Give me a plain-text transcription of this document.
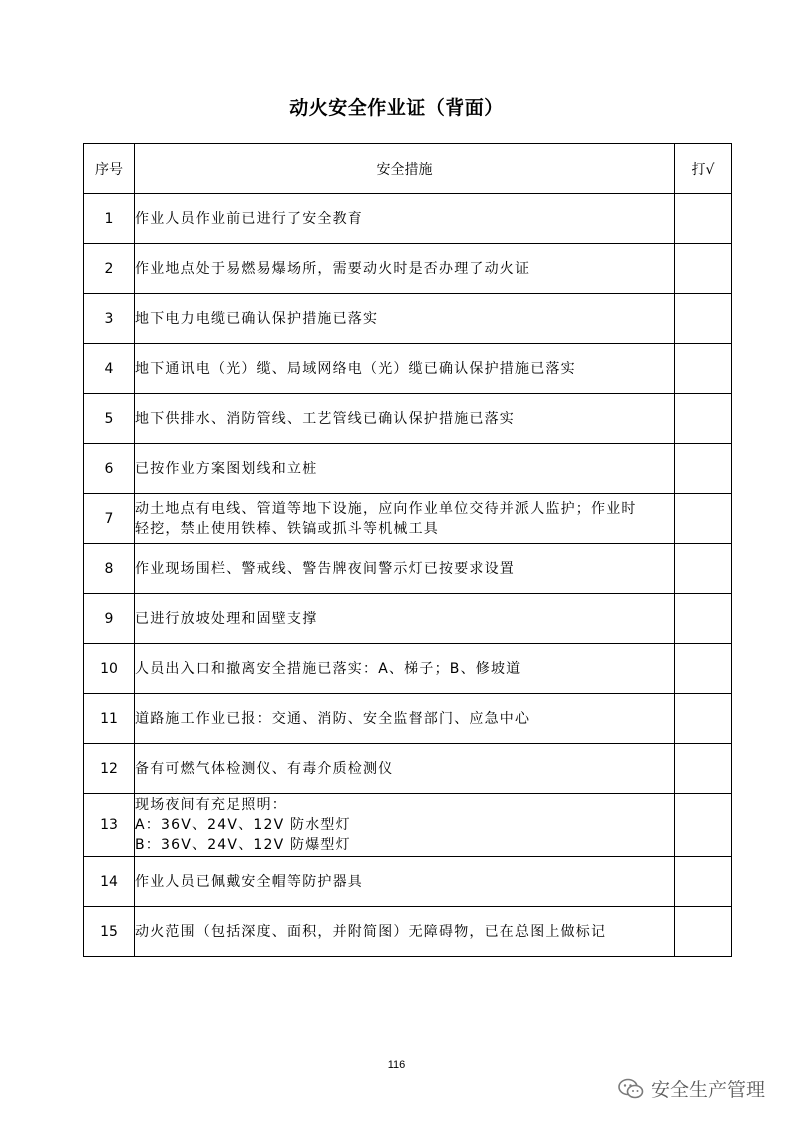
动火安全作业证（背面）
序号	安全措施	打√
1	作业人员作业前已进行了安全教育	
2	作业地点处于易燃易爆场所，需要动火时是否办理了动火证	
3	地下电力电缆已确认保护措施已落实	
4	地下通讯电（光）缆、局域网络电（光）缆已确认保护措施已落实	
5	地下供排水、消防管线、工艺管线已确认保护措施已落实	
6	已按作业方案图划线和立桩	
7	动土地点有电线、管道等地下设施，应向作业单位交待并派人监护；作业时
轻挖，禁止使用铁棒、铁镐或抓斗等机械工具	

8	作业现场围栏、警戒线、警告牌夜间警示灯已按要求设置	
9	已进行放坡处理和固壁支撑	
10	人员出入口和撤离安全措施已落实：A、梯子；B、修坡道	
11	道路施工作业已报：交通、消防、安全监督部门、应急中心	
12	备有可燃气体检测仪、有毒介质检测仪	
13	现场夜间有充足照明：
A：36V、24V、12V 防水型灯
B：36V、24V、12V 防爆型灯	

14	作业人员已佩戴安全帽等防护器具	
15	动火范围（包括深度、面积，并附简图）无障碍物，已在总图上做标记	
116
安全生产管理
